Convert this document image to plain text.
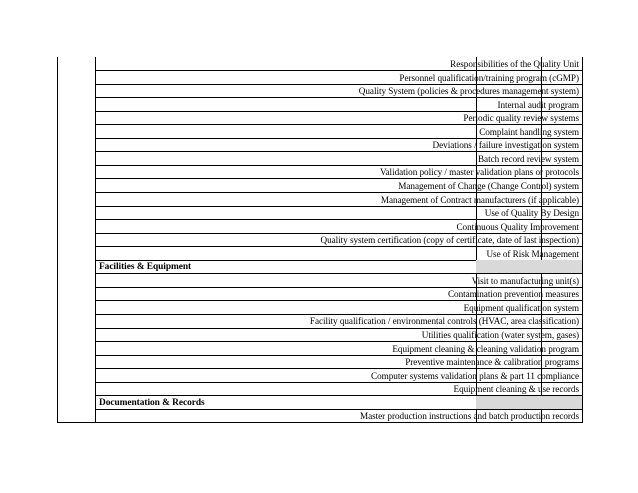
Responsibilities of the Quality Unit
Personnel qualification/training program (cGMP)
Quality System (policies & procedures management system)
Internal audit program
Periodic quality review systems
Complaint handling system
Deviations / failure investigation system
Batch record review system
Validation policy / master validation plans or protocols
Management of Change (Change Control) system
Management of Contract manufacturers (if applicable)
Use of Quality By Design
Continuous Quality Improvement
Quality system certification (copy of certificate, date of last inspection)
Use of Risk Management
Facilities & Equipment
Visit to manufacturing unit(s)
Contamination prevention measures
Equipment qualification system
Facility qualification / environmental controls (HVAC, area classification)
Utilities qualification (water system, gases)
Equipment cleaning & cleaning validation program
Preventive maintenance & calibration programs
Computer systems validation plans & part 11 compliance
Equipment cleaning & use records
Documentation & Records
Master production instructions and batch production records
